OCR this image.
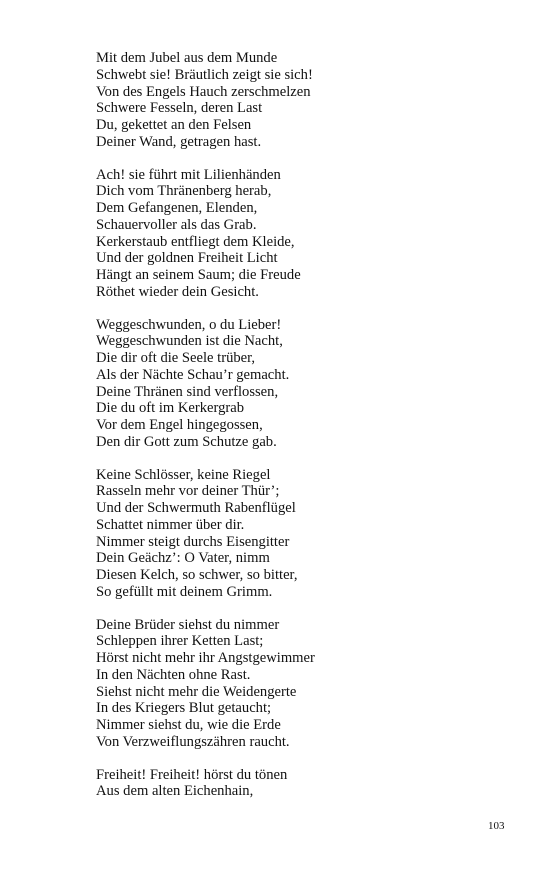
Mit dem Jubel aus dem Munde
Schwebt sie! Bräutlich zeigt sie sich!
Von des Engels Hauch zerschmelzen
Schwere Fesseln, deren Last
Du, gekettet an den Felsen
Deiner Wand, getragen hast.
Ach! sie führt mit Lilienhänden
Dich vom Thränenberg herab,
Dem Gefangenen, Elenden,
Schauervoller als das Grab.
Kerkerstaub entfliegt dem Kleide,
Und der goldnen Freiheit Licht
Hängt an seinem Saum; die Freude
Röthet wieder dein Gesicht.
Weggeschwunden, o du Lieber!
Weggeschwunden ist die Nacht,
Die dir oft die Seele trüber,
Als der Nächte Schau’r gemacht.
Deine Thränen sind verflossen,
Die du oft im Kerkergrab
Vor dem Engel hingegossen,
Den dir Gott zum Schutze gab.
Keine Schlösser, keine Riegel
Rasseln mehr vor deiner Thür’;
Und der Schwermuth Rabenflügel
Schattet nimmer über dir.
Nimmer steigt durchs Eisengitter
Dein Geächz’: O Vater, nimm
Diesen Kelch, so schwer, so bitter,
So gefüllt mit deinem Grimm.
Deine Brüder siehst du nimmer
Schleppen ihrer Ketten Last;
Hörst nicht mehr ihr Angstgewimmer
In den Nächten ohne Rast.
Siehst nicht mehr die Weidengerte
In des Kriegers Blut getaucht;
Nimmer siehst du, wie die Erde
Von Verzweiflungszähren raucht.
Freiheit! Freiheit! hörst du tönen
Aus dem alten Eichenhain,
103
